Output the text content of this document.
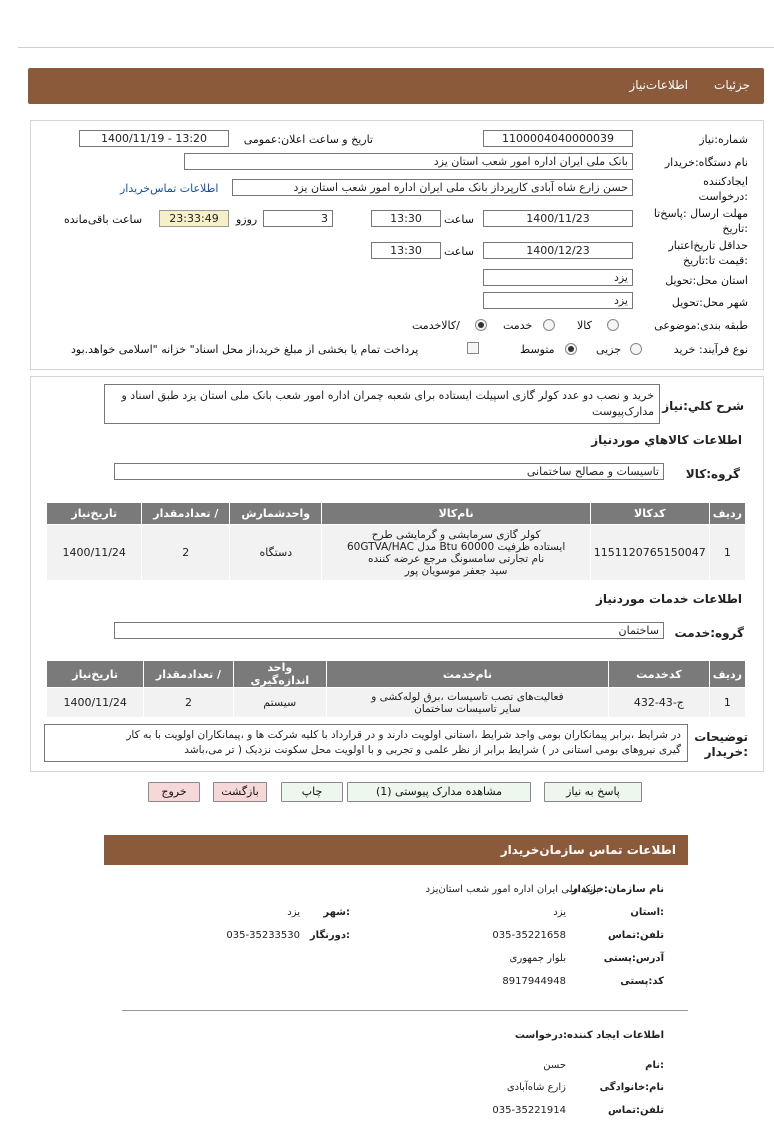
جزئیات
اطلاعات‌نیاز
شماره:نیاز
1100004040000039
تاریخ و ساعت اعلان:عمومی
1400/11/19 - 13:20
نام دستگاه:خریدار
بانک ملی ایران اداره امور شعب استان یزد
ایجادکننده
:درخواست
حسن زارع شاه آبادی کارپرداز بانک ملی ایران اداره امور شعب استان یزد
اطلاعات تماس‌خریدار
مهلت ارسال :پاسخ‌تا
:تاریخ
1400/11/23
ساعت
13:30
3
روزو
23:33:49
ساعت باقی‌مانده
حداقل تاریخ‌اعتبار
:قیمت تا:تاریخ
1400/12/23
ساعت
13:30
استان محل:تحویل
یزد
شهر محل:تحویل
یزد
طبقه بندی:موضوعی
کالا
خدمت
/کالاخدمت
نوع فرآیند: خرید
جزیی
متوسط
پرداخت تمام یا بخشی از مبلغ خرید،از محل اسناد" خزانه "اسلامی خواهد.بود
شرح کلي:نیاز
خرید و نصب دو عدد کولر گازی اسپیلت ایستاده برای شعبه چمران اداره امور شعب بانک ملی استان یزد طبق اسناد و مدارک‌پیوست
اطلاعات کالاهاي موردنياز
گروه:کالا
تاسیسات و مصالح ساختمانی
ردیف	کدکالا	نام‌کالا	واحدشمارش	/ تعدادمقدار	تاریخ‌نیاز
1	1151120765150047	کولر گازی سرمایشی و گرمایشی طرح
ایستاده ظرفیت Btu 60000 مدل 60GTVA/HAC
نام تجارتی سامسونگ مرجع عرضه کننده
سید جعفر موسویان پور	دستگاه	2	1400/11/24
اطلاعات خدمات موردنیاز
گروه:خدمت
ساختمان
ردیف	کدخدمت	نام‌خدمت	واحد اندازه‌گیری	/ تعدادمقدار	تاریخ‌نیاز
1	ج-43-432	فعالیت‌های نصب تاسیسات ،برق لوله‌کشی و
سایر تاسیسات ساختمان	سیستم	2	1400/11/24
توضیحات
:خریدار
در شرایط ،برابر پیمانکاران بومی واجد شرایط ،استانی اولویت دارند و در قرارداد با کلیه شرکت ها و ،پیمانکاران اولویت با به کار
گیری نیروهای بومی استانی در ) شرایط برابر از نظر علمی و تجربی و با اولویت محل سکونت نزدیک ( تر می،باشد
پاسخ به نیاز
مشاهده مدارک پیوستی (1)
چاپ
بازگشت
خروج
اطلاعات تماس سازمان‌خریدار
نام سازمان:خریدار
بانک ملی ایران اداره امور شعب استان‌یزد
:استان
یزد
:شهر
یزد
تلفن:تماس
035-35221658
:دورنگار
035-35233530
آدرس:پستی
بلوار جمهوری
کد:پستی
8917944948
اطلاعات ایجاد کننده:درخواست
:نام
حسن
نام:خانوادگی
زارع شاه‌آبادی
تلفن:تماس
035-35221914
